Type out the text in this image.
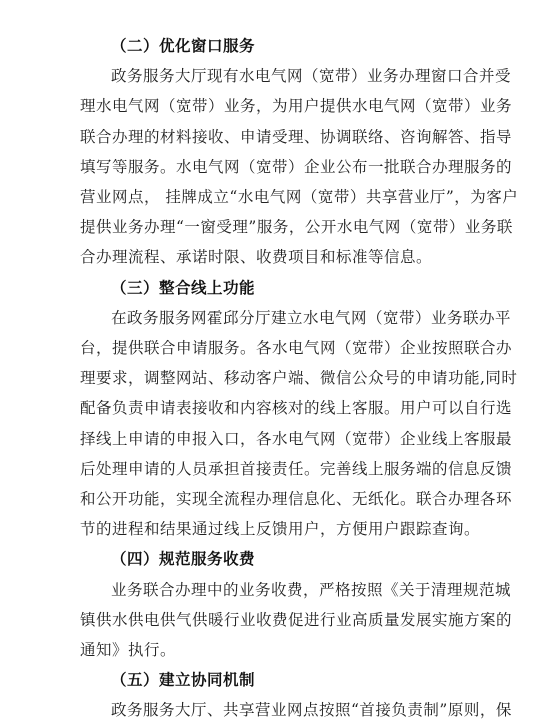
（二）优化窗口服务
政务服务大厅现有水电气网（宽带）业务办理窗口合并受
理水电气网（宽带）业务，为用户提供水电气网（宽带）业务
联合办理的材料接收、申请受理、协调联络、咨询解答、指导
填写等服务。水电气网（宽带）企业公布一批联合办理服务的
营业网点， 挂牌成立“水电气网（宽带）共享营业厅”，为客户
提供业务办理“一窗受理”服务，公开水电气网（宽带）业务联
合办理流程、承诺时限、收费项目和标准等信息。
（三）整合线上功能
在政务服务网霍邱分厅建立水电气网（宽带）业务联办平
台，提供联合申请服务。各水电气网（宽带）企业按照联合办
理要求，调整网站、移动客户端、微信公众号的申请功能,同时
配备负责申请表接收和内容核对的线上客服。用户可以自行选
择线上申请的申报入口，各水电气网（宽带）企业线上客服最
后处理申请的人员承担首接责任。完善线上服务端的信息反馈
和公开功能，实现全流程办理信息化、无纸化。联合办理各环
节的进程和结果通过线上反馈用户，方便用户跟踪查询。
（四）规范服务收费
业务联合办理中的业务收费，严格按照《关于清理规范城
镇供水供电供气供暖行业收费促进行业高质量发展实施方案的
通知》执行。
（五）建立协同机制
政务服务大厅、共享营业网点按照“首接负责制”原则，保
